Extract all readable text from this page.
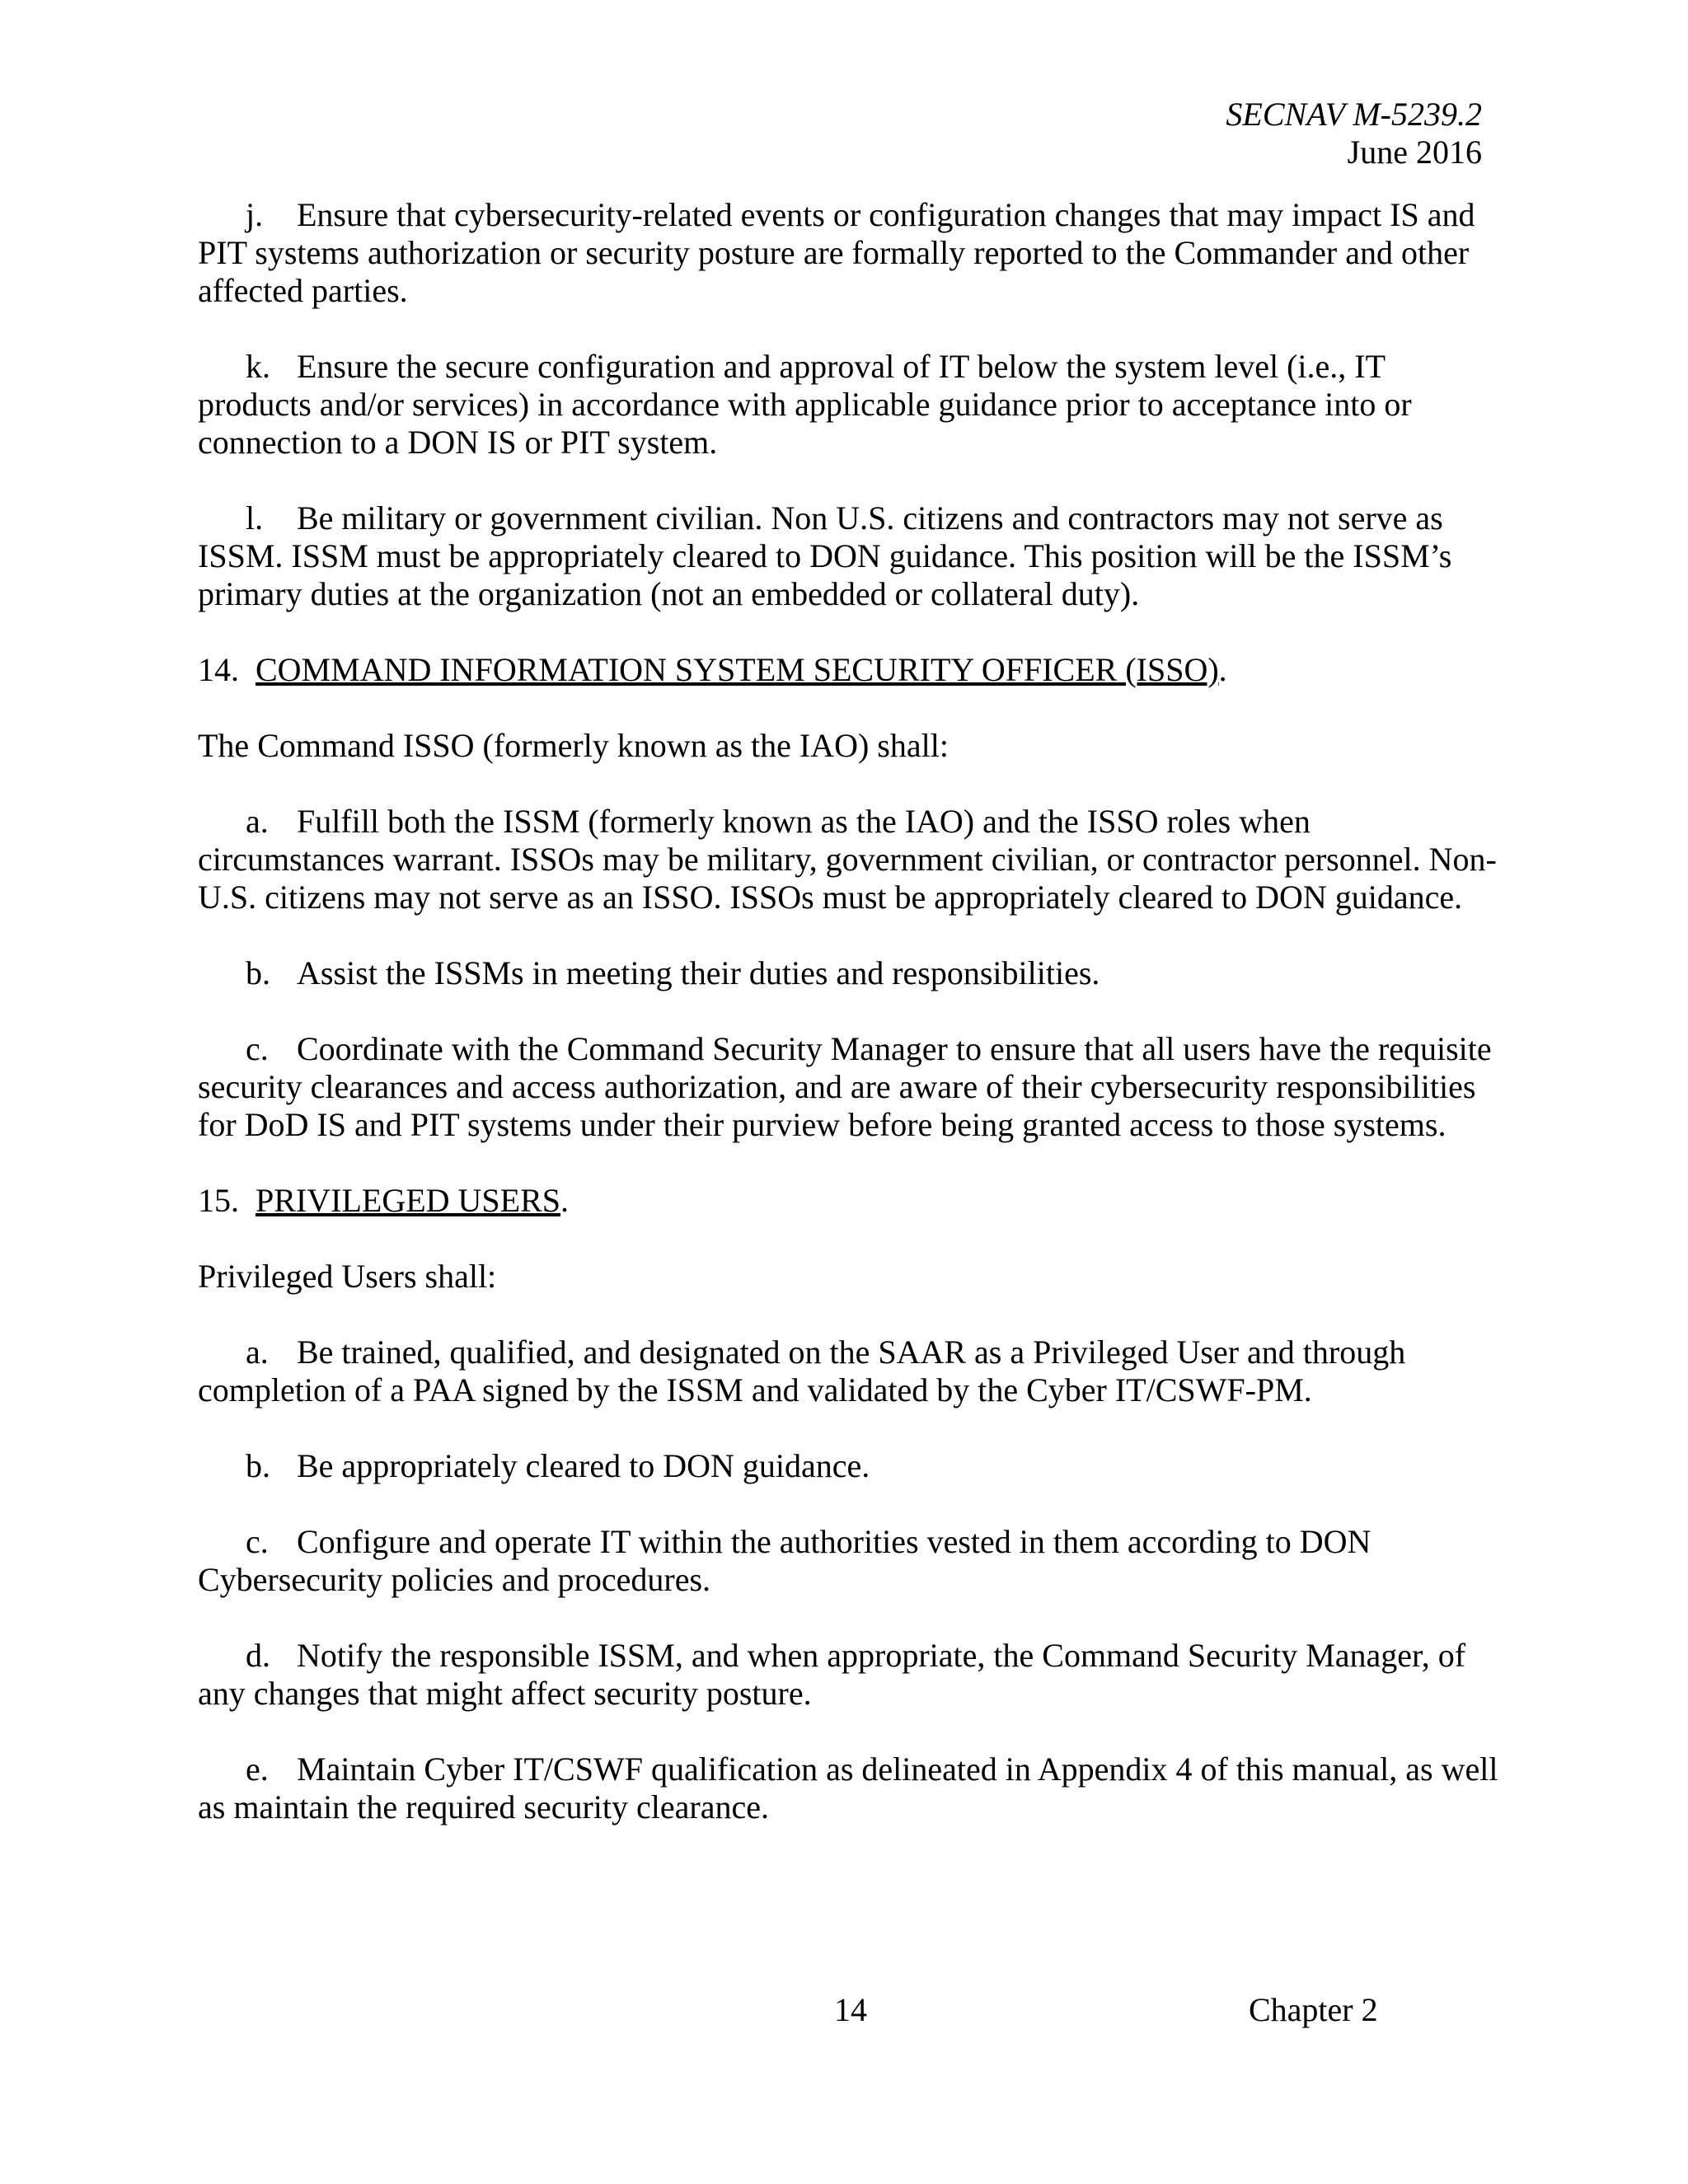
SECNAV M-5239.2
June 2016

j. Ensure that cybersecurity-related events or configuration changes that may impact IS and PIT systems authorization or security posture are formally reported to the Commander and other affected parties.

k. Ensure the secure configuration and approval of IT below the system level (i.e., IT products and/or services) in accordance with applicable guidance prior to acceptance into or connection to a DON IS or PIT system.

l. Be military or government civilian. Non U.S. citizens and contractors may not serve as ISSM. ISSM must be appropriately cleared to DON guidance. This position will be the ISSM’s primary duties at the organization (not an embedded or collateral duty).

14. COMMAND INFORMATION SYSTEM SECURITY OFFICER (ISSO).

The Command ISSO (formerly known as the IAO) shall:

a. Fulfill both the ISSM (formerly known as the IAO) and the ISSO roles when circumstances warrant. ISSOs may be military, government civilian, or contractor personnel. Non-U.S. citizens may not serve as an ISSO. ISSOs must be appropriately cleared to DON guidance.

b. Assist the ISSMs in meeting their duties and responsibilities.

c. Coordinate with the Command Security Manager to ensure that all users have the requisite security clearances and access authorization, and are aware of their cybersecurity responsibilities for DoD IS and PIT systems under their purview before being granted access to those systems.

15. PRIVILEGED USERS.

Privileged Users shall:

a. Be trained, qualified, and designated on the SAAR as a Privileged User and through completion of a PAA signed by the ISSM and validated by the Cyber IT/CSWF-PM.

b. Be appropriately cleared to DON guidance.

c. Configure and operate IT within the authorities vested in them according to DON Cybersecurity policies and procedures.

d. Notify the responsible ISSM, and when appropriate, the Command Security Manager, of any changes that might affect security posture.

e. Maintain Cyber IT/CSWF qualification as delineated in Appendix 4 of this manual, as well as maintain the required security clearance.

14	Chapter 2
